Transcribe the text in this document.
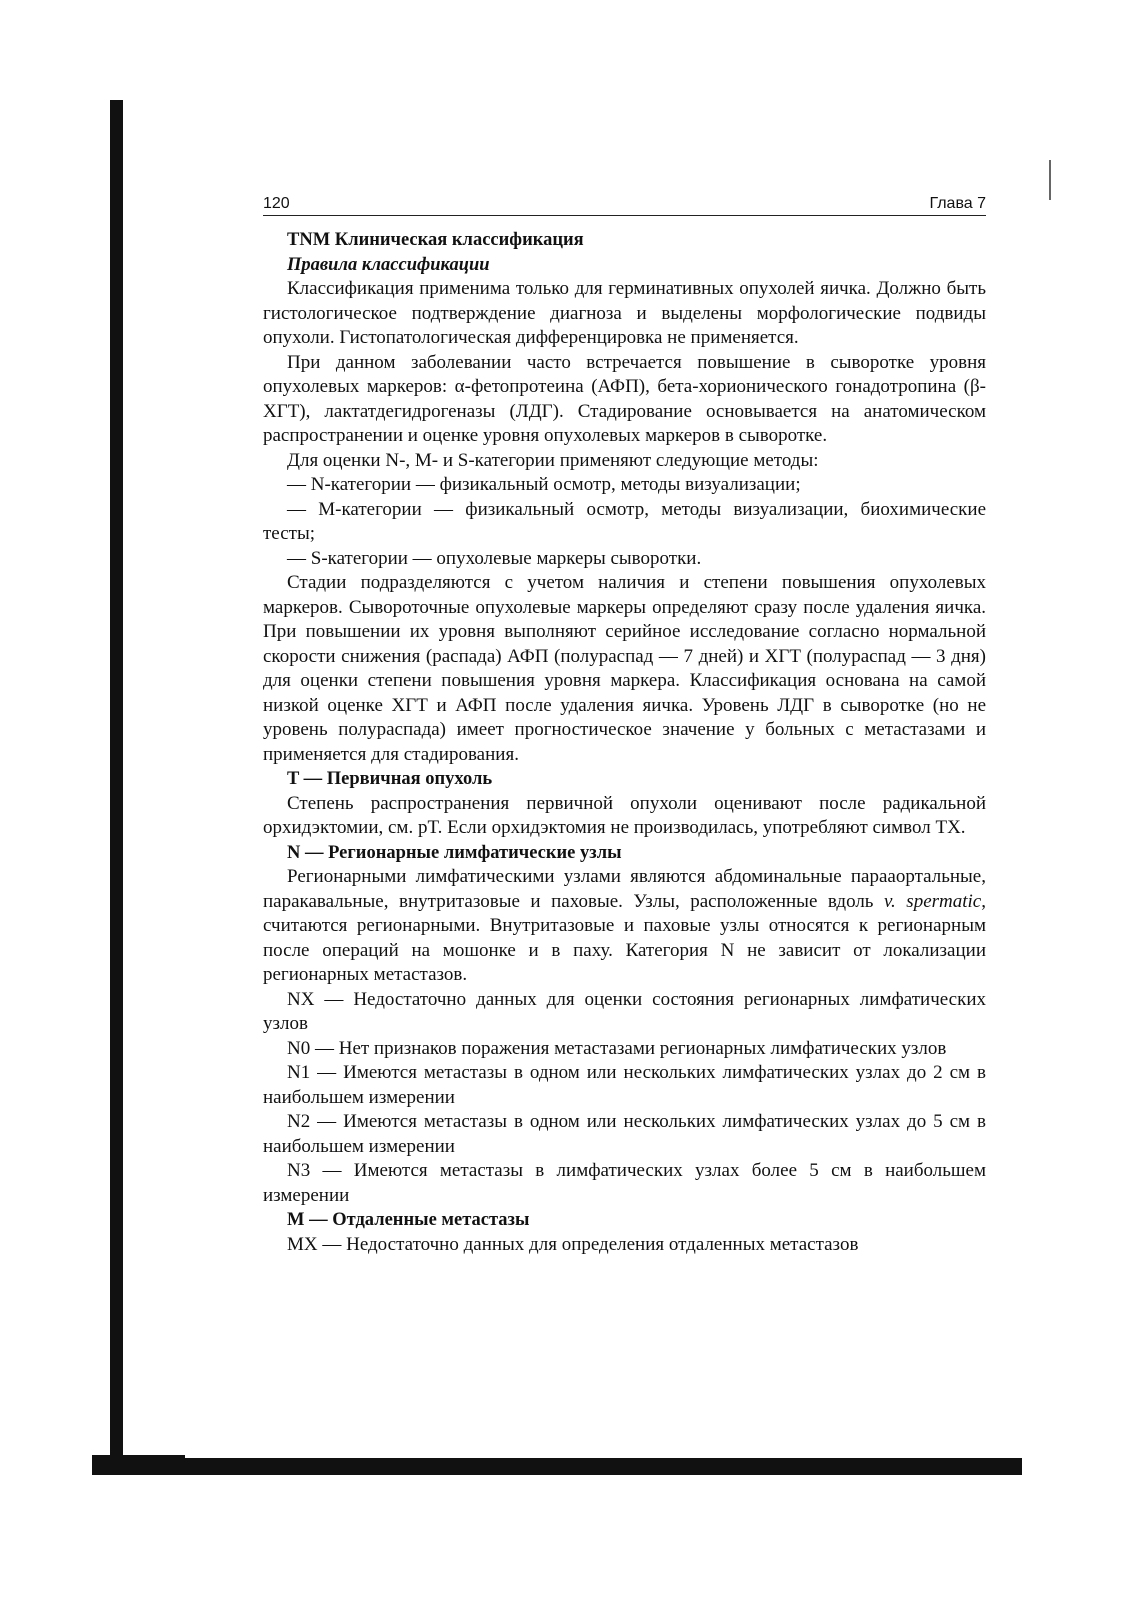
120	Глава 7

TNM Клиническая классификация

Правила классификации

Классификация применима только для герминативных опухолей яичка. Должно быть гистологическое подтверждение диагноза и выделены морфологические подвиды опухоли. Гистопатологическая дифференцировка не применяется.

При данном заболевании часто встречается повышение в сыворотке уровня опухолевых маркеров: α-фетопротеина (АФП), бета-хорионического гонадотропина (β-ХГТ), лактатдегидрогеназы (ЛДГ). Стадирование основывается на анатомическом распространении и оценке уровня опухолевых маркеров в сыворотке.

Для оценки N-, M- и S-категории применяют следующие методы:

— N-категории — физикальный осмотр, методы визуализации;

— M-категории — физикальный осмотр, методы визуализации, биохимические тесты;

— S-категории — опухолевые маркеры сыворотки.

Стадии подразделяются с учетом наличия и степени повышения опухолевых маркеров. Сывороточные опухолевые маркеры определяют сразу после удаления яичка. При повышении их уровня выполняют серийное исследование согласно нормальной скорости снижения (распада) АФП (полураспад — 7 дней) и ХГТ (полураспад — 3 дня) для оценки степени повышения уровня маркера. Классификация основана на самой низкой оценке ХГТ и АФП после удаления яичка. Уровень ЛДГ в сыворотке (но не уровень полураспада) имеет прогностическое значение у больных с метастазами и применяется для стадирования.

T — Первичная опухоль

Степень распространения первичной опухоли оценивают после радикальной орхидэктомии, см. pT. Если орхидэктомия не производилась, употребляют символ TX.

N — Регионарные лимфатические узлы

Регионарными лимфатическими узлами являются абдоминальные парааортальные, паракавальные, внутритазовые и паховые. Узлы, расположенные вдоль v. spermatic, считаются регионарными. Внутритазовые и паховые узлы относятся к регионарным после операций на мошонке и в паху. Категория N не зависит от локализации регионарных метастазов.

NX — Недостаточно данных для оценки состояния регионарных лимфатических узлов

N0 — Нет признаков поражения метастазами регионарных лимфатических узлов

N1 — Имеются метастазы в одном или нескольких лимфатических узлах до 2 см в наибольшем измерении

N2 — Имеются метастазы в одном или нескольких лимфатических узлах до 5 см в наибольшем измерении

N3 — Имеются метастазы в лимфатических узлах более 5 см в наибольшем измерении

M — Отдаленные метастазы

MX — Недостаточно данных для определения отдаленных метастазов
